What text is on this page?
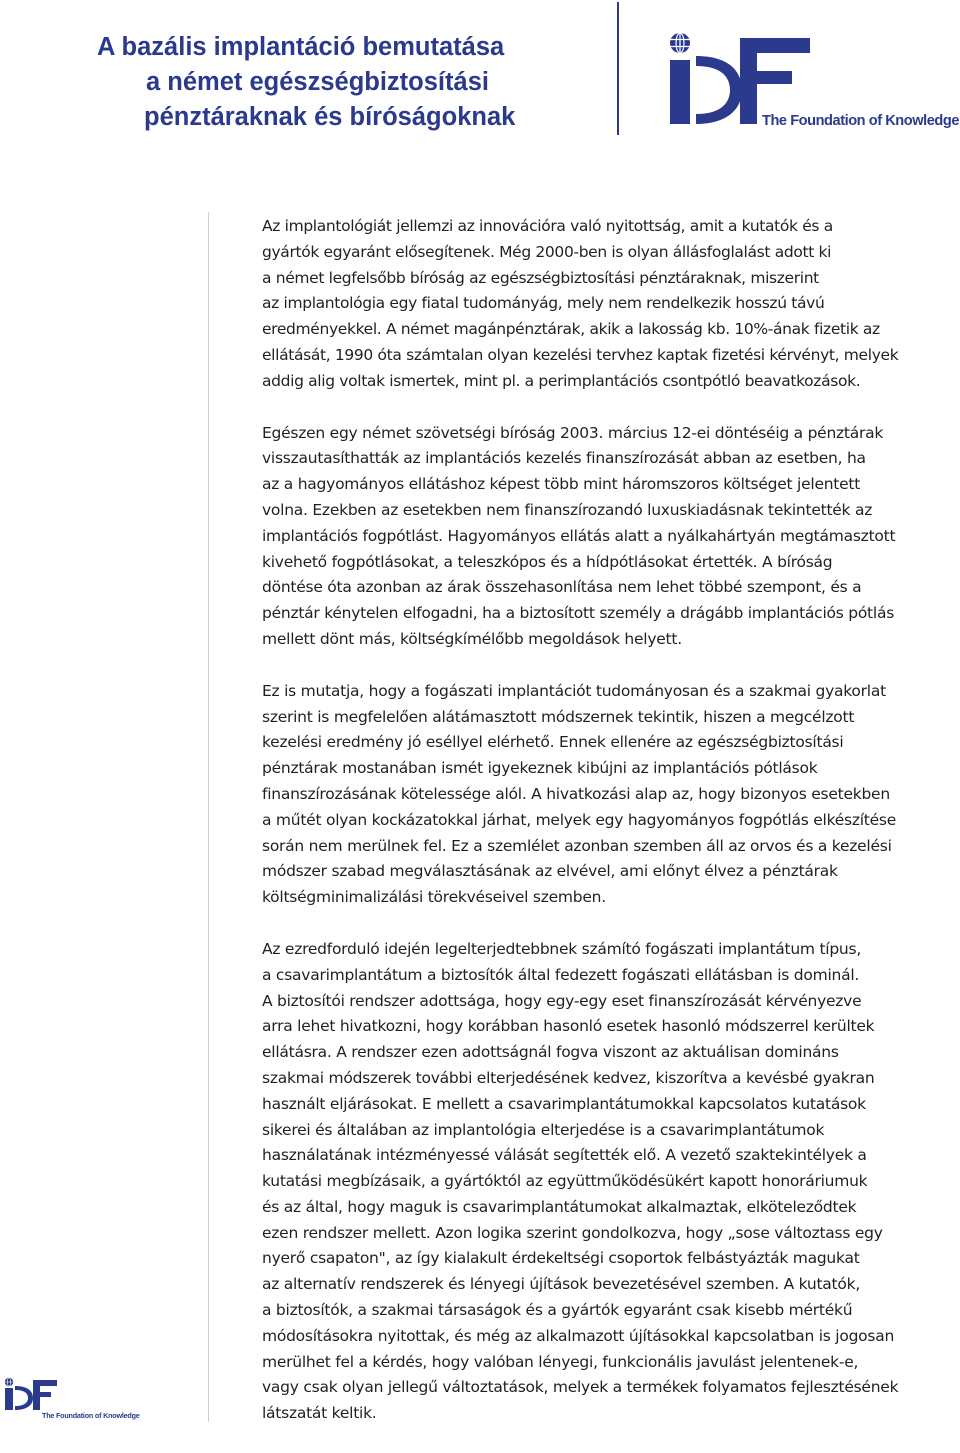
A bazális implantáció bemutatása
a német egészségbiztosítási
pénztáraknak és bíróságoknak
R
The Foundation of Knowledge

Az implantológiát jellemzi az innovációra való nyitottság, amit a kutatók és a
gyártók egyaránt elősegítenek. Még 2000-ben is olyan állásfoglalást adott ki
a német legfelsőbb bíróság az egészségbiztosítási pénztáraknak, miszerint
az implantológia egy fiatal tudományág, mely nem rendelkezik hosszú távú
eredményekkel. A német magánpénztárak, akik a lakosság kb. 10%-ának fizetik az
ellátását, 1990 óta számtalan olyan kezelési tervhez kaptak fizetési kérvényt, melyek
addig alig voltak ismertek, mint pl. a perimplantációs csontpótló beavatkozások.

Egészen egy német szövetségi bíróság 2003. március 12-ei döntéséig a pénztárak
visszautasíthatták az implantációs kezelés finanszírozását abban az esetben, ha
az a hagyományos ellátáshoz képest több mint háromszoros költséget jelentett
volna. Ezekben az esetekben nem finanszírozandó luxuskiadásnak tekintették az
implantációs fogpótlást. Hagyományos ellátás alatt a nyálkahártyán megtámasztott
kivehető fogpótlásokat, a teleszkópos és a hídpótlásokat értették. A bíróság
döntése óta azonban az árak összehasonlítása nem lehet többé szempont, és a
pénztár kénytelen elfogadni, ha a biztosított személy a drágább implantációs pótlás
mellett dönt más, költségkímélőbb megoldások helyett.

Ez is mutatja, hogy a fogászati implantációt tudományosan és a szakmai gyakorlat
szerint is megfelelően alátámasztott módszernek tekintik, hiszen a megcélzott
kezelési eredmény jó eséllyel elérhető. Ennek ellenére az egészségbiztosítási
pénztárak mostanában ismét igyekeznek kibújni az implantációs pótlások
finanszírozásának kötelessége alól. A hivatkozási alap az, hogy bizonyos esetekben
a műtét olyan kockázatokkal járhat, melyek egy hagyományos fogpótlás elkészítése
során nem merülnek fel. Ez a szemlélet azonban szemben áll az orvos és a kezelési
módszer szabad megválasztásának az elvével, ami előnyt élvez a pénztárak
költségminimalizálási törekvéseivel szemben.

Az ezredforduló idején legelterjedtebbnek számító fogászati implantátum típus,
a csavarimplantátum a biztosítók által fedezett fogászati ellátásban is dominál.
A biztosítói rendszer adottsága, hogy egy-egy eset finanszírozását kérvényezve
arra lehet hivatkozni, hogy korábban hasonló esetek hasonló módszerrel kerültek
ellátásra. A rendszer ezen adottságnál fogva viszont az aktuálisan domináns
szakmai módszerek további elterjedésének kedvez, kiszorítva a kevésbé gyakran
használt eljárásokat. E mellett a csavarimplantátumokkal kapcsolatos kutatások
sikerei és általában az implantológia elterjedése is a csavarimplantátumok
használatának intézményessé válását segítették elő. A vezető szaktekintélyek a
kutatási megbízásaik, a gyártóktól az együttműködésükért kapott honoráriumuk
és az által, hogy maguk is csavarimplantátumokat alkalmaztak, elköteleződtek
ezen rendszer mellett. Azon logika szerint gondolkozva, hogy „sose változtass egy
nyerő csapaton", az így kialakult érdekeltségi csoportok felbástyázták magukat
az alternatív rendszerek és lényegi újítások bevezetésével szemben. A kutatók,
a biztosítók, a szakmai társaságok és a gyártók egyaránt csak kisebb mértékű
módosításokra nyitottak, és még az alkalmazott újításokkal kapcsolatban is jogosan
merülhet fel a kérdés, hogy valóban lényegi, funkcionális javulást jelentenek-e,
vagy csak olyan jellegű változtatások, melyek a termékek folyamatos fejlesztésének
látszatát keltik.

The Foundation of Knowledge
